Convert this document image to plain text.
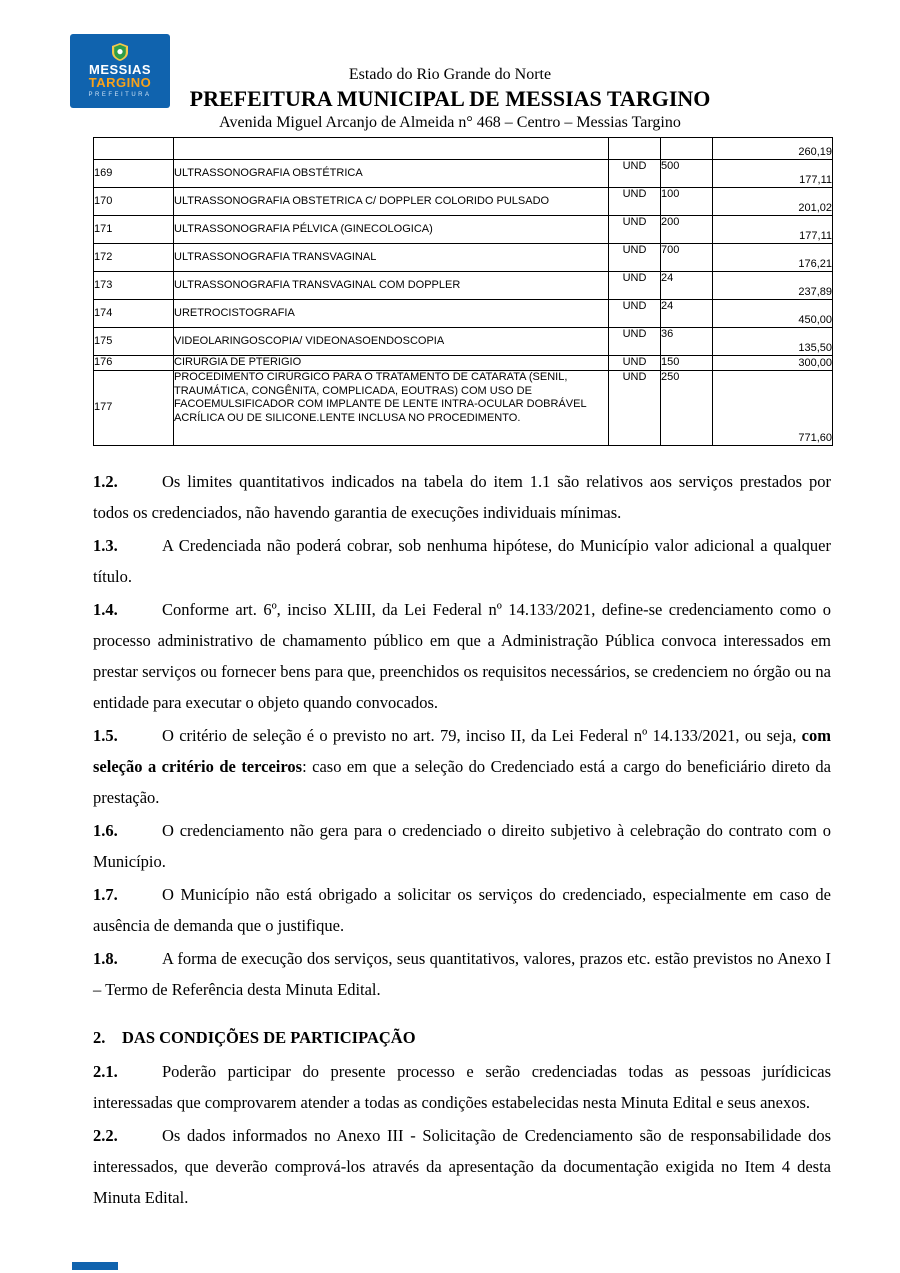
MESSIAS
TARGINO
PREFEITURA
Estado do Rio Grande do Norte
PREFEITURA MUNICIPAL DE MESSIAS TARGINO
Avenida Miguel Arcanjo de Almeida n° 468 – Centro – Messias Targino
				260,19
169	ULTRASSONOGRAFIA OBSTÉTRICA	UND	500	177,11
170	ULTRASSONOGRAFIA OBSTETRICA C/ DOPPLER COLORIDO PULSADO	UND	100	201,02
171	ULTRASSONOGRAFIA PÉLVICA (GINECOLOGICA)	UND	200	177,11
172	ULTRASSONOGRAFIA TRANSVAGINAL	UND	700	176,21
173	ULTRASSONOGRAFIA TRANSVAGINAL COM DOPPLER	UND	24	237,89
174	URETROCISTOGRAFIA	UND	24	450,00
175	VIDEOLARINGOSCOPIA/ VIDEONASOENDOSCOPIA	UND	36	135,50
176	CIRURGIA DE PTERIGIO	UND	150	300,00
177	PROCEDIMENTO CIRÚRGICO PARA O TRATAMENTO DE CATARATA (SENIL, TRAUMÁTICA, CONGÊNITA, COMPLICADA, EOUTRAS) COM USO DE FACOEMULSIFICADOR COM IMPLANTE DE LENTE INTRA-OCULAR DOBRÁVEL ACRÍLICA OU DE SILICONE.LENTE INCLUSA NO PROCEDIMENTO.	UND	250	771,60

1.2.	Os limites quantitativos indicados na tabela do item 1.1 são relativos aos serviços prestados por todos os credenciados, não havendo garantia de execuções individuais mínimas.

1.3.	A Credenciada não poderá cobrar, sob nenhuma hipótese, do Município valor adicional a qualquer título.

1.4.	Conforme art. 6º, inciso XLIII, da Lei Federal nº 14.133/2021, define-se credenciamento como o processo administrativo de chamamento público em que a Administração Pública convoca interessados em prestar serviços ou fornecer bens para que, preenchidos os requisitos necessários, se credenciem no órgão ou na entidade para executar o objeto quando convocados.

1.5.	O critério de seleção é o previsto no art. 79, inciso II, da Lei Federal nº 14.133/2021, ou seja, com seleção a critério de terceiros: caso em que a seleção do Credenciado está a cargo do beneficiário direto da prestação.

1.6.	O credenciamento não gera para o credenciado o direito subjetivo à celebração do contrato com o Município.

1.7.	O Município não está obrigado a solicitar os serviços do credenciado, especialmente em caso de ausência de demanda que o justifique.

1.8.	A forma de execução dos serviços, seus quantitativos, valores, prazos etc. estão previstos no Anexo I – Termo de Referência desta Minuta Edital.

2. DAS CONDIÇÕES DE PARTICIPAÇÃO

2.1.	Poderão participar do presente processo e serão credenciadas todas as pessoas jurídicicas interessadas que comprovarem atender a todas as condições estabelecidas nesta Minuta Edital e seus anexos.

2.2.	Os dados informados no Anexo III - Solicitação de Credenciamento são de responsabilidade dos interessados, que deverão comprová-los através da apresentação da documentação exigida no Item 4 desta Minuta Edital.
